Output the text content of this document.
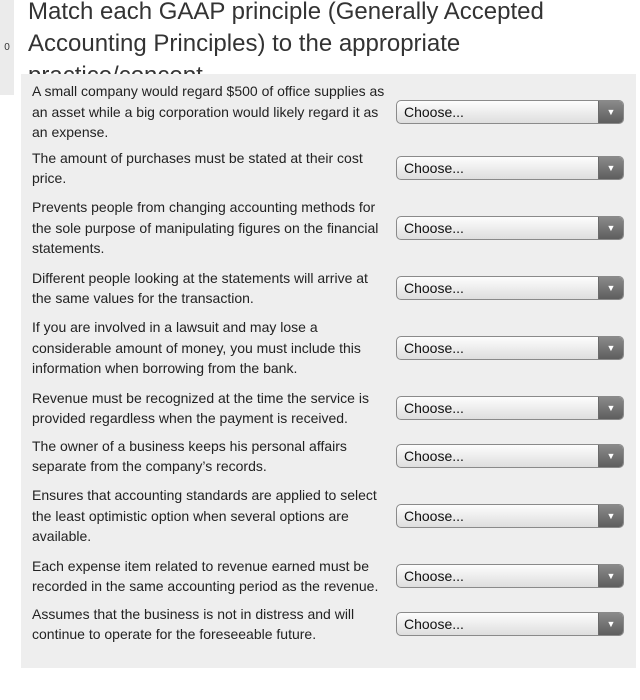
0
Match each GAAP principle (Generally Accepted Accounting Principles) to the appropriate
A small company would regard $500 of office supplies as an asset while a big corporation would likely regard it as an expense.
Choose...	▼
The amount of purchases must be stated at their cost price.
Choose...	▼
Prevents people from changing accounting methods for the sole purpose of manipulating figures on the financial statements.
Choose...	▼
Different people looking at the statements will arrive at the same values for the transaction.
Choose...	▼
If you are involved in a lawsuit and may lose a considerable amount of money, you must include this information when borrowing from the bank.
Choose...	▼
Revenue must be recognized at the time the service is provided regardless when the payment is received.
Choose...	▼
The owner of a business keeps his personal affairs separate from the company’s records.
Choose...	▼
Ensures that accounting standards are applied to select the least optimistic option when several options are available.
Choose...	▼
Each expense item related to revenue earned must be recorded in the same accounting period as the revenue.
Choose...	▼
Assumes that the business is not in distress and will continue to operate for the foreseeable future.
Choose...	▼
